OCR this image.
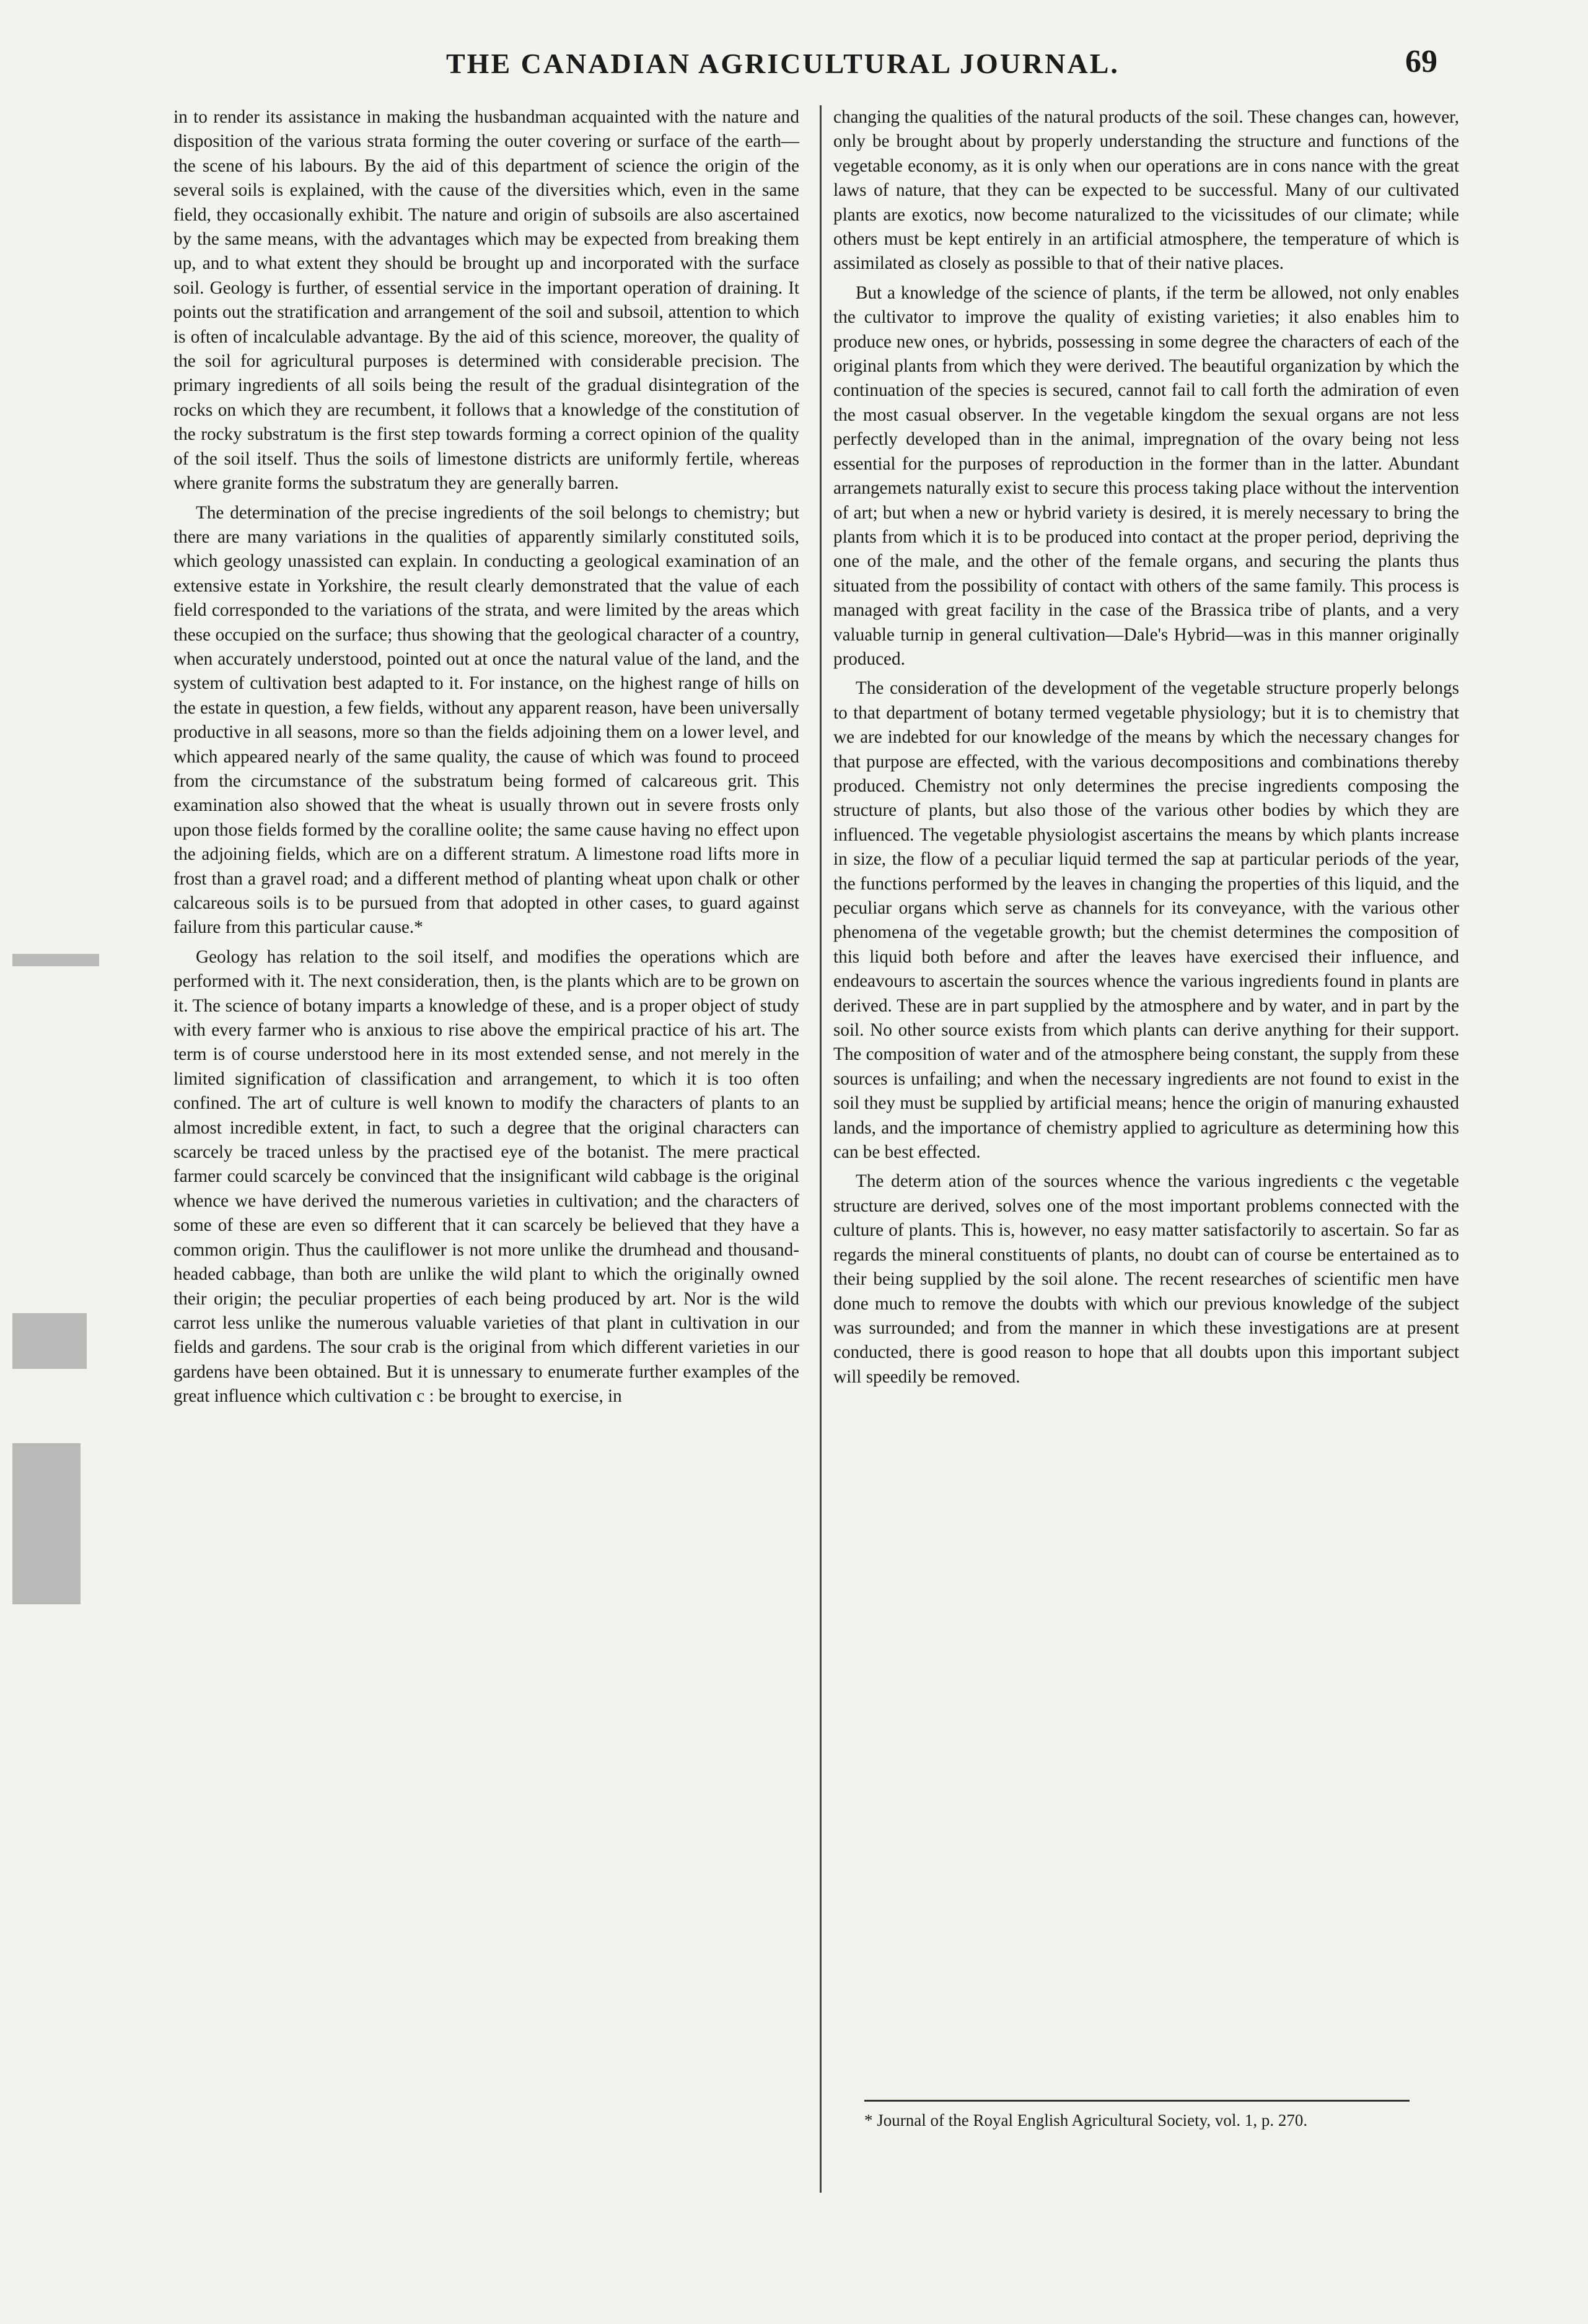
THE CANADIAN AGRICULTURAL JOURNAL.	69

in to render its assistance in making the husbandman acquainted with the nature and disposition of the various strata forming the outer covering or surface of the earth—the scene of his labours. By the aid of this department of science the origin of the several soils is explained, with the cause of the diversities which, even in the same field, they occasionally exhibit. The nature and origin of subsoils are also ascertained by the same means, with the advantages which may be expected from breaking them up, and to what extent they should be brought up and incorporated with the surface soil. Geology is further, of essential service in the important operation of draining. It points out the stratification and arrangement of the soil and subsoil, attention to which is often of incalculable advantage. By the aid of this science, moreover, the quality of the soil for agricultural purposes is determined with considerable precision. The primary ingredients of all soils being the result of the gradual disintegration of the rocks on which they are recumbent, it follows that a knowledge of the constitution of the rocky substratum is the first step towards forming a correct opinion of the quality of the soil itself. Thus the soils of limestone districts are uniformly fertile, whereas where granite forms the substratum they are generally barren.

The determination of the precise ingredients of the soil belongs to chemistry; but there are many variations in the qualities of apparently similarly constituted soils, which geology unassisted can explain. In conducting a geological examination of an extensive estate in Yorkshire, the result clearly demonstrated that the value of each field corresponded to the variations of the strata, and were limited by the areas which these occupied on the surface; thus showing that the geological character of a country, when accurately understood, pointed out at once the natural value of the land, and the system of cultivation best adapted to it. For instance, on the highest range of hills on the estate in question, a few fields, without any apparent reason, have been universally productive in all seasons, more so than the fields adjoining them on a lower level, and which appeared nearly of the same quality, the cause of which was found to proceed from the circumstance of the substratum being formed of calcareous grit. This examination also showed that the wheat is usually thrown out in severe frosts only upon those fields formed by the coralline oolite; the same cause having no effect upon the adjoining fields, which are on a different stratum. A limestone road lifts more in frost than a gravel road; and a different method of planting wheat upon chalk or other calcareous soils is to be pursued from that adopted in other cases, to guard against failure from this particular cause.*

Geology has relation to the soil itself, and modifies the operations which are performed with it. The next consideration, then, is the plants which are to be grown on it. The science of botany imparts a knowledge of these, and is a proper object of study with every farmer who is anxious to rise above the empirical practice of his art. The term is of course understood here in its most extended sense, and not merely in the limited signification of classification and arrangement, to which it is too often confined. The art of culture is well known to modify the characters of plants to an almost incredible extent, in fact, to such a degree that the original characters can scarcely be traced unless by the practised eye of the botanist. The mere practical farmer could scarcely be convinced that the insignificant wild cabbage is the original whence we have derived the numerous varieties in cultivation; and the characters of some of these are even so different that it can scarcely be believed that they have a common origin. Thus the cauliflower is not more unlike the drumhead and thousand-headed cabbage, than both are unlike the wild plant to which the originally owned their origin; the peculiar properties of each being produced by art. Nor is the wild carrot less unlike the numerous valuable varieties of that plant in cultivation in our fields and gardens. The sour crab is the original from which different varieties in our gardens have been obtained. But it is unnessary to enumerate further examples of the great influence which cultivation c : be brought to exercise, in

changing the qualities of the natural products of the soil. These changes can, however, only be brought about by properly understanding the structure and functions of the vegetable economy, as it is only when our operations are in cons nance with the great laws of nature, that they can be expected to be successful. Many of our cultivated plants are exotics, now become naturalized to the vicissitudes of our climate; while others must be kept entirely in an artificial atmosphere, the temperature of which is assimilated as closely as possible to that of their native places.

But a knowledge of the science of plants, if the term be allowed, not only enables the cultivator to improve the quality of existing varieties; it also enables him to produce new ones, or hybrids, possessing in some degree the characters of each of the original plants from which they were derived. The beautiful organization by which the continuation of the species is secured, cannot fail to call forth the admiration of even the most casual observer. In the vegetable kingdom the sexual organs are not less perfectly developed than in the animal, impregnation of the ovary being not less essential for the purposes of reproduction in the former than in the latter. Abundant arrangemets naturally exist to secure this process taking place without the intervention of art; but when a new or hybrid variety is desired, it is merely necessary to bring the plants from which it is to be produced into contact at the proper period, depriving the one of the male, and the other of the female organs, and securing the plants thus situated from the possibility of contact with others of the same family. This process is managed with great facility in the case of the Brassica tribe of plants, and a very valuable turnip in general cultivation—Dale's Hybrid—was in this manner originally produced.

The consideration of the development of the vegetable structure properly belongs to that department of botany termed vegetable physiology; but it is to chemistry that we are indebted for our knowledge of the means by which the necessary changes for that purpose are effected, with the various decompositions and combinations thereby produced. Chemistry not only determines the precise ingredients composing the structure of plants, but also those of the various other bodies by which they are influenced. The vegetable physiologist ascertains the means by which plants increase in size, the flow of a peculiar liquid termed the sap at particular periods of the year, the functions performed by the leaves in changing the properties of this liquid, and the peculiar organs which serve as channels for its conveyance, with the various other phenomena of the vegetable growth; but the chemist determines the composition of this liquid both before and after the leaves have exercised their influence, and endeavours to ascertain the sources whence the various ingredients found in plants are derived. These are in part supplied by the atmosphere and by water, and in part by the soil. No other source exists from which plants can derive anything for their support. The composition of water and of the atmosphere being constant, the supply from these sources is unfailing; and when the necessary ingredients are not found to exist in the soil they must be supplied by artificial means; hence the origin of manuring exhausted lands, and the importance of chemistry applied to agriculture as determining how this can be best effected.

The determ ation of the sources whence the various ingredients c the vegetable structure are derived, solves one of the most important problems connected with the culture of plants. This is, however, no easy matter satisfactorily to ascertain. So far as regards the mineral constituents of plants, no doubt can of course be entertained as to their being supplied by the soil alone. The recent researches of scientific men have done much to remove the doubts with which our previous knowledge of the subject was surrounded; and from the manner in which these investigations are at present conducted, there is good reason to hope that all doubts upon this important subject will speedily be removed.

* Journal of the Royal English Agricultural Society, vol. 1, p. 270.
